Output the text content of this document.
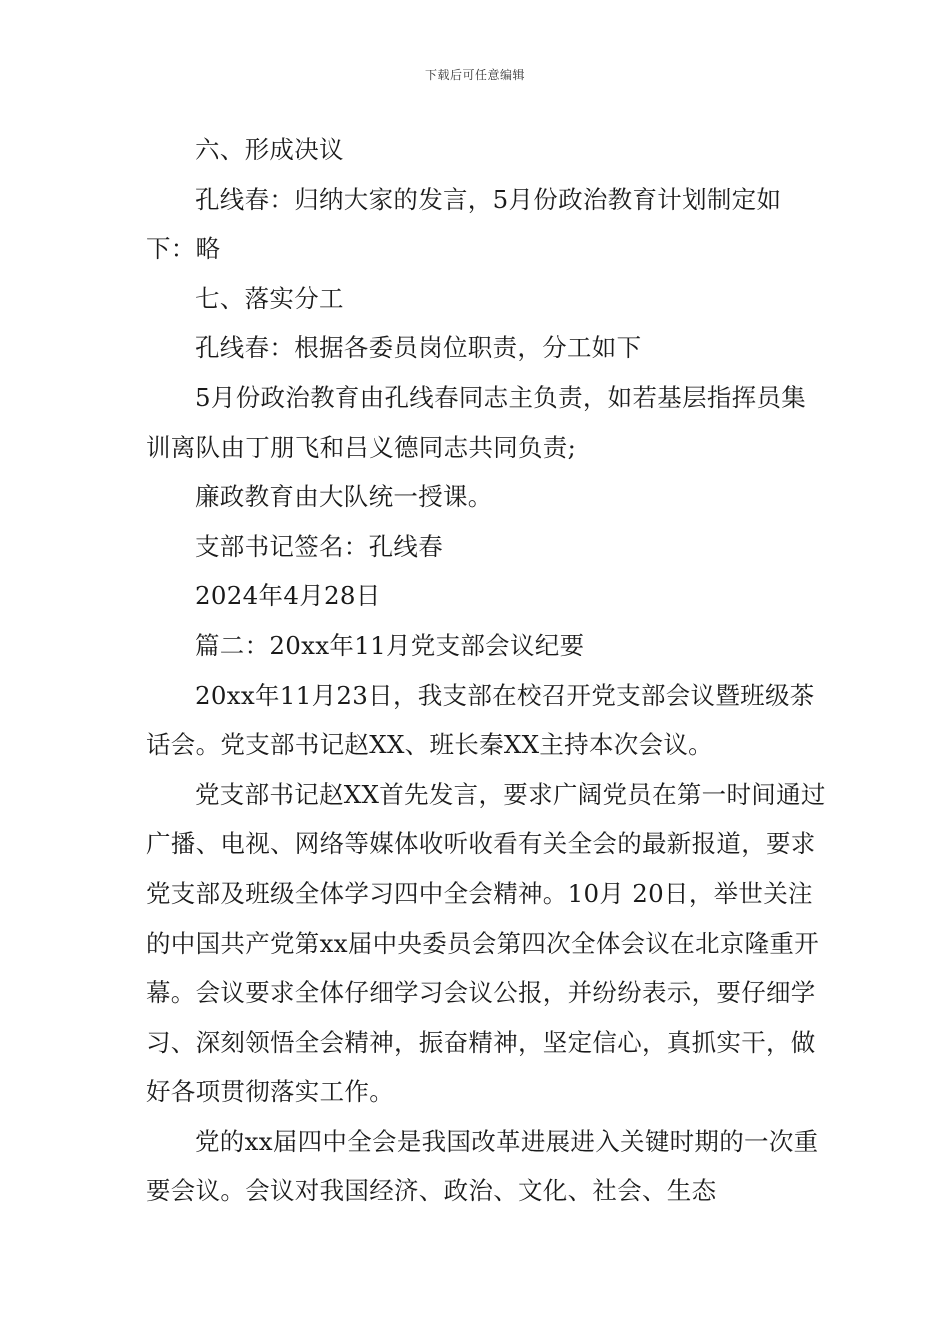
下载后可任意编辑

六、形成决议

孔线春：归纳大家的发言，5月份政治教育计划制定如下：略

七、落实分工

孔线春：根据各委员岗位职责，分工如下

5月份政治教育由孔线春同志主负责，如若基层指挥员集训离队由丁朋飞和吕义德同志共同负责;

廉政教育由大队统一授课。

支部书记签名：孔线春

2024年4月28日

篇二：20xx年11月党支部会议纪要

20xx年11月23日，我支部在校召开党支部会议暨班级茶话会。党支部书记赵XX、班长秦XX主持本次会议。

党支部书记赵XX首先发言，要求广阔党员在第一时间通过广播、电视、网络等媒体收听收看有关全会的最新报道，要求党支部及班级全体学习四中全会精神。10月 20日，举世关注的中国共产党第xx届中央委员会第四次全体会议在北京隆重开幕。会议要求全体仔细学习会议公报，并纷纷表示，要仔细学习、深刻领悟全会精神，振奋精神，坚定信心，真抓实干，做好各项贯彻落实工作。

党的xx届四中全会是我国改革进展进入关键时期的一次重要会议。会议对我国经济、政治、文化、社会、生态
